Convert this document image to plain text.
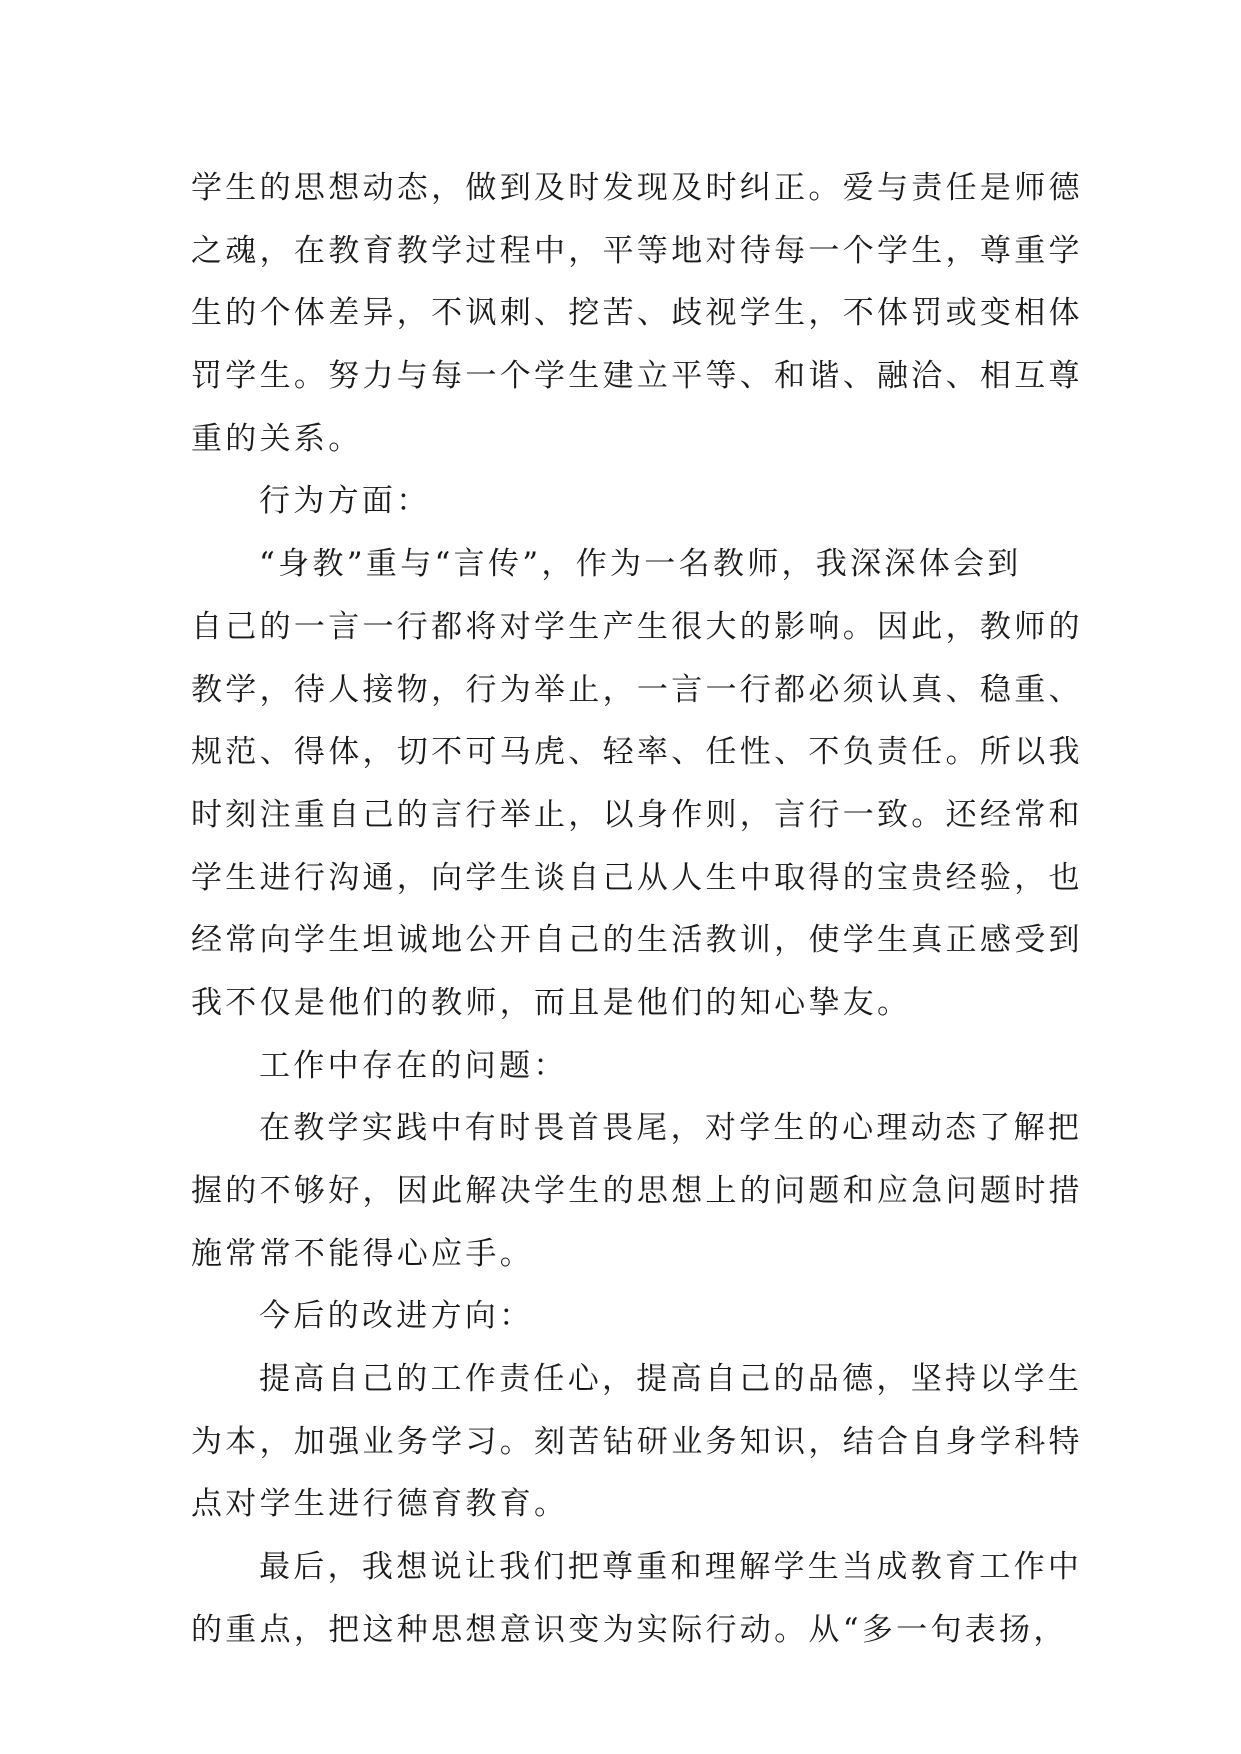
学生的思想动态，做到及时发现及时纠正。爱与责任是师德
之魂，在教育教学过程中，平等地对待每一个学生，尊重学
生的个体差异，不讽刺、挖苦、歧视学生，不体罚或变相体
罚学生。努力与每一个学生建立平等、和谐、融洽、相互尊
重的关系。
行为方面：
“身教”重与“言传”，作为一名教师，我深深体会到
自己的一言一行都将对学生产生很大的影响。因此，教师的
教学，待人接物，行为举止，一言一行都必须认真、稳重、
规范、得体，切不可马虎、轻率、任性、不负责任。所以我
时刻注重自己的言行举止，以身作则，言行一致。还经常和
学生进行沟通，向学生谈自己从人生中取得的宝贵经验，也
经常向学生坦诚地公开自己的生活教训，使学生真正感受到
我不仅是他们的教师，而且是他们的知心挚友。
工作中存在的问题：
在教学实践中有时畏首畏尾，对学生的心理动态了解把
握的不够好，因此解决学生的思想上的问题和应急问题时措
施常常不能得心应手。
今后的改进方向：
提高自己的工作责任心，提高自己的品德，坚持以学生
为本，加强业务学习。刻苦钻研业务知识，结合自身学科特
点对学生进行德育教育。
最后，我想说让我们把尊重和理解学生当成教育工作中
的重点，把这种思想意识变为实际行动。从“多一句表扬，
